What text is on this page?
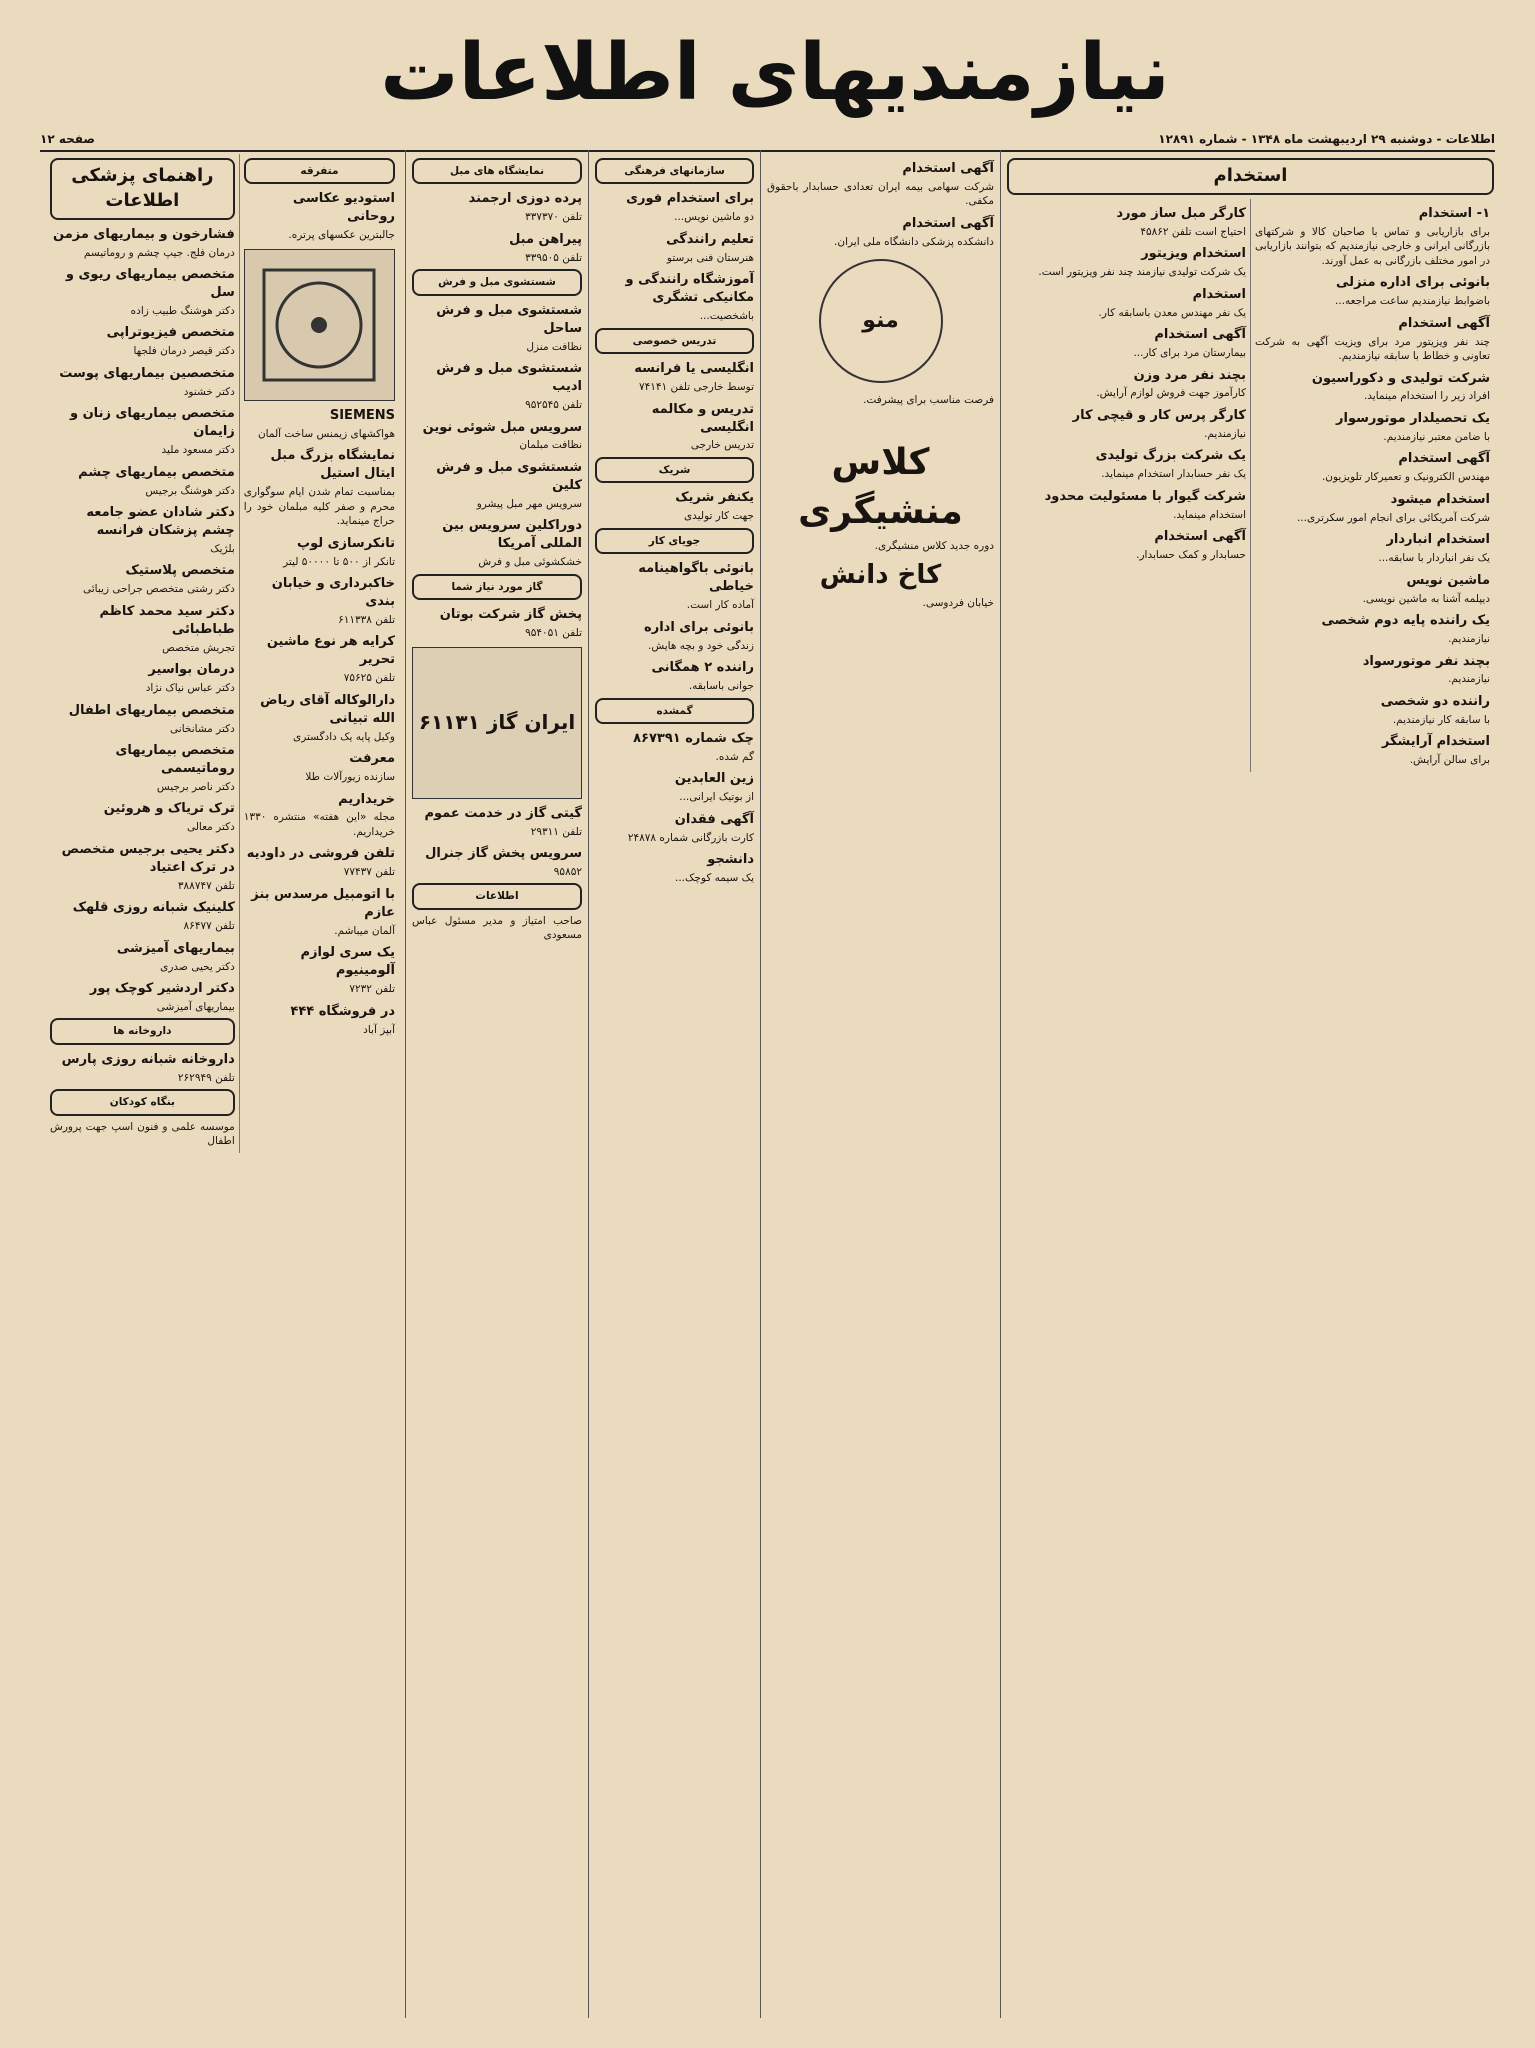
نیازمندیهای اطلاعات
اطلاعات - دوشنبه ۲۹ اردیبهشت ماه ۱۳۴۸ - شماره ۱۲۸۹۱
صفحه ۱۲
استخدام
۱- استخدام
برای بازاریابی و تماس با صاحبان کالا و شرکتهای بازرگانی ایرانی و خارجی نیازمندیم که بتوانند بازاریابی در امور مختلف بازرگانی به عمل آورند.
بانوئی برای اداره منزلی
باضوابط نیازمندیم ساعت مراجعه...
آگهی استخدام
چند نفر ویزیتور مرد برای ویزیت آگهی به شرکت تعاونی و خطاط با سابقه نیازمندیم.
شرکت تولیدی و دکوراسیون
افراد زیر را استخدام مینماید.
یک تحصیلدار موتورسوار
با ضامن معتبر نیازمندیم.
آگهی استخدام
مهندس الکترونیک و تعمیرکار تلویزیون.
استخدام میشود
شرکت آمریکائی برای انجام امور سکرتری...
استخدام انباردار
یک نفر انباردار با سابقه...
ماشین نویس
دیپلمه آشنا به ماشین نویسی.
یک راننده پایه دوم شخصی
نیازمندیم.
بچند نفر موتورسواد
نیازمندیم.
راننده دو شخصی
با سابقه کار نیازمندیم.
استخدام آرایشگر
برای سالن آرایش.
کارگر مبل ساز مورد
احتیاج است تلفن ۴۵۸۶۲
استخدام ویزیتور
یک شرکت تولیدی نیازمند چند نفر ویزیتور است.
استخدام
یک نفر مهندس معدن باسابقه کار.
آگهی استخدام
بیمارستان مرد برای کار...
بچند نفر مرد وزن
کارآموز جهت فروش لوازم آرایش.
کارگر پرس کار و قیچی کار
نیازمندیم.
یک شرکت بزرگ تولیدی
یک نفر حسابدار استخدام مینماید.
شرکت گیوار با مسئولیت محدود
استخدام مینماید.
آگهی استخدام
حسابدار و کمک حسابدار.
آگهی استخدام
شرکت سهامی بیمه ایران تعدادی حسابدار باحقوق مکفی.
آگهی استخدام
دانشکده پزشکی دانشگاه ملی ایران.
منو
فرصت مناسب برای پیشرفت.
کلاس منشیگری
دوره جدید کلاس منشیگری.
کاخ دانش
خیابان فردوسی.
سازمانهای فرهنگی
برای استخدام فوری
دو ماشین نویس...
تعلیم رانندگی
هنرستان فنی برستو
آموزشگاه رانندگی و مکانیکی تشگری
باشخصیت...
تدریس خصوصی
انگلیسی یا فرانسه
توسط خارجی تلفن ۷۴۱۴۱
تدریس و مکالمه انگلیسی
تدریس خارجی
شریک
یکنفر شریک
جهت کار تولیدی
جویای کار
بانوئی باگواهینامه خیاطی
آماده کار است.
بانوئی برای اداره
زندگی خود و بچه هایش.
راننده ۲ همگانی
جوانی باسابقه.
گمشده
چک شماره ۸۶۷۳۹۱
گم شده.
زین العابدین
از بوتیک ایرانی...
آگهی فقدان
کارت بازرگانی شماره ۲۴۸۷۸
دانشجو
یک سیمه کوچک...
نمایشگاه های مبل
پرده دوزی ارجمند
تلفن ۳۳۷۳۷۰
پیراهن مبل
تلفن ۳۳۹۵۰۵
شستشوی مبل و فرش
شستشوی مبل و فرش ساحل
نظافت منزل
شستشوی مبل و فرش ادیب
تلفن ۹۵۲۵۴۵
سرویس مبل شوئی نوین
نظافت مبلمان
شستشوی مبل و فرش کلین
سرویس مهر مبل پیشرو
دوراکلین سرویس بین المللی آمریکا
خشکشوئی مبل و فرش
گاز مورد نیاز شما
پخش گاز شرکت بوتان
تلفن ۹۵۴۰۵۱
ایران گاز

۶۱۱۳۱
گیتی گاز در خدمت عموم
تلفن ۲۹۳۱۱
سرویس پخش گاز جنرال
۹۵۸۵۲
اطلاعات
صاحب امتیاز و مدیر مسئول عباس مسعودی
متفرقه
استودیو عکاسی روحانی
جالبترین عکسهای پرتره.
SIEMENS
هواکشهای زیمنس ساخت آلمان
نمایشگاه بزرگ مبل ایتال استیل
بمناسبت تمام شدن ایام سوگواری محرم و صفر کلیه مبلمان خود را حراج مینماید.
تانکرسازی لوپ
تانکر از ۵۰۰ تا ۵۰۰۰۰ لیتر
خاکبرداری و خیابان بندی
تلفن ۶۱۱۳۳۸
کرایه هر نوع ماشین تحریر
تلفن ۷۵۶۲۵
دارالوکاله آقای ریاض الله تبیانی
وکیل پایه یک دادگستری
معرفت
سازنده زیورآلات طلا
خریداریم
مجله «این هفته» منتشره ۱۳۳۰ خریداریم.
تلفن فروشی در داودیه
تلفن ۷۷۴۳۷
با اتومبیل مرسدس بنز عازم
آلمان میباشم.
یک سری لوازم آلومینیوم
تلفن ۷۲۳۲
در فروشگاه ۴۴۴
آبپز آباد
راهنمای پزشکی اطلاعات
فشارخون و بیماریهای مزمن
درمان فلج. جیپ چشم و روماتیسم
متخصص بیماریهای ریوی و سل
دکتر هوشنگ طبیب زاده
متخصص فیزیوتراپی
دکتر قیصر درمان فلجها
متخصصین بیماریهای پوست
دکتر خشنود
متخصص بیماریهای زنان و زایمان
دکتر مسعود ملید
متخصص بیماریهای چشم
دکتر هوشنگ برجیس
دکتر شادان عضو جامعه چشم پزشکان فرانسه
بلژیک
متخصص پلاستیک
دکتر رشتی متخصص جراحی زیبائی
دکتر سید محمد کاظم طباطبائی
تجریش متخصص
درمان بواسیر
دکتر عباس نیاک نژاد
متخصص بیماریهای اطفال
دکتر مشانخانی
متخصص بیماریهای روماتیسمی
دکتر ناصر برجیس
ترک تریاک و هروئین
دکتر معالی
دکتر یحیی برجیس متخصص در ترک اعتیاد
تلفن ۳۸۸۷۴۷
کلینیک شبانه روزی قلهک
تلفن ۸۶۴۷۷
بیماریهای آمیزشی
دکتر یحیی صدری
دکتر اردشیر کوچک پور
بیماریهای آمیزشی
داروخانه ها
داروخانه شبانه روزی پارس
تلفن ۲۶۲۹۴۹
بنگاه کودکان
موسسه علمی و فنون اسپ جهت پرورش اطفال
